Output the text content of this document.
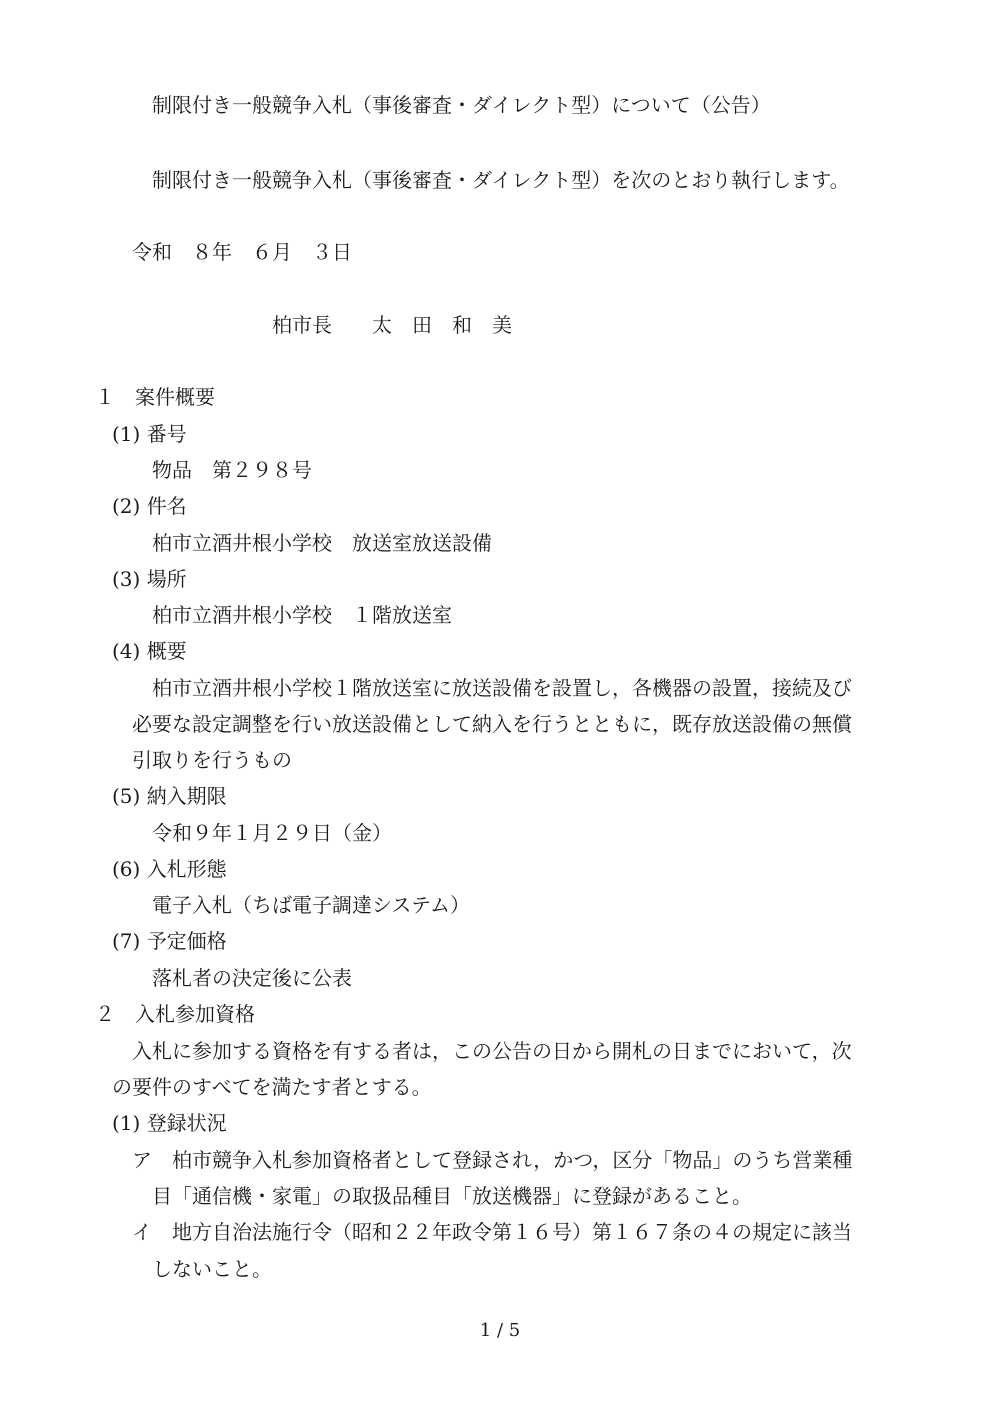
制限付き一般競争入札（事後審査・ダイレクト型）について（公告）
制限付き一般競争入札（事後審査・ダイレクト型）を次のとおり執行します。
令和　８年　６月　３日
柏市長　　太　田　和　美
１　案件概要
(1) 番号
物品　第２９８号
(2) 件名
柏市立酒井根小学校　放送室放送設備
(3) 場所
柏市立酒井根小学校　１階放送室
(4) 概要
柏市立酒井根小学校１階放送室に放送設備を設置し，各機器の設置，接続及び
必要な設定調整を行い放送設備として納入を行うとともに，既存放送設備の無償
引取りを行うもの
(5) 納入期限
令和９年１月２９日（金）
(6) 入札形態
電子入札（ちば電子調達システム）
(7) 予定価格
落札者の決定後に公表
２　入札参加資格
入札に参加する資格を有する者は，この公告の日から開札の日までにおいて，次
の要件のすべてを満たす者とする。
(1) 登録状況
ア　柏市競争入札参加資格者として登録され，かつ，区分「物品」のうち営業種
目「通信機・家電」の取扱品種目「放送機器」に登録があること。
イ　地方自治法施行令（昭和２２年政令第１６号）第１６７条の４の規定に該当
しないこと。
1 / 5
